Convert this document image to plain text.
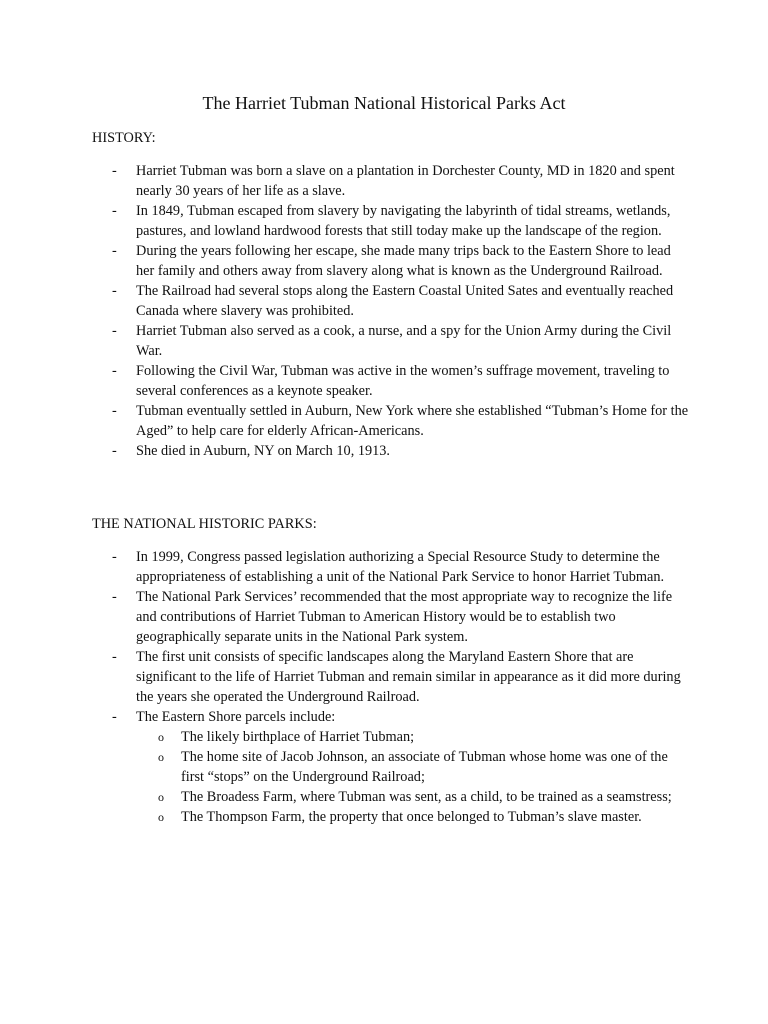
The Harriet Tubman National Historical Parks Act
HISTORY:
- Harriet Tubman was born a slave on a plantation in Dorchester County, MD in 1820 and spent nearly 30 years of her life as a slave.
- In 1849, Tubman escaped from slavery by navigating the labyrinth of tidal streams, wetlands, pastures, and lowland hardwood forests that still today make up the landscape of the region.
- During the years following her escape, she made many trips back to the Eastern Shore to lead her family and others away from slavery along what is known as the Underground Railroad.
- The Railroad had several stops along the Eastern Coastal United Sates and eventually reached Canada where slavery was prohibited.
- Harriet Tubman also served as a cook, a nurse, and a spy for the Union Army during the Civil War.
- Following the Civil War, Tubman was active in the women’s suffrage movement, traveling to several conferences as a keynote speaker.
- Tubman eventually settled in Auburn, New York where she established “Tubman’s Home for the Aged” to help care for elderly African-Americans.
- She died in Auburn, NY on March 10, 1913.
THE NATIONAL HISTORIC PARKS:
- In 1999, Congress passed legislation authorizing a Special Resource Study to determine the appropriateness of establishing a unit of the National Park Service to honor Harriet Tubman.
- The National Park Services’ recommended that the most appropriate way to recognize the life and contributions of Harriet Tubman to American History would be to establish two geographically separate units in the National Park system.
- The first unit consists of specific landscapes along the Maryland Eastern Shore that are significant to the life of Harriet Tubman and remain similar in appearance as it did more during the years she operated the Underground Railroad.
- The Eastern Shore parcels include:
o The likely birthplace of Harriet Tubman;
o The home site of Jacob Johnson, an associate of Tubman whose home was one of the first “stops” on the Underground Railroad;
o The Broadess Farm, where Tubman was sent, as a child, to be trained as a seamstress;
o The Thompson Farm, the property that once belonged to Tubman’s slave master.
